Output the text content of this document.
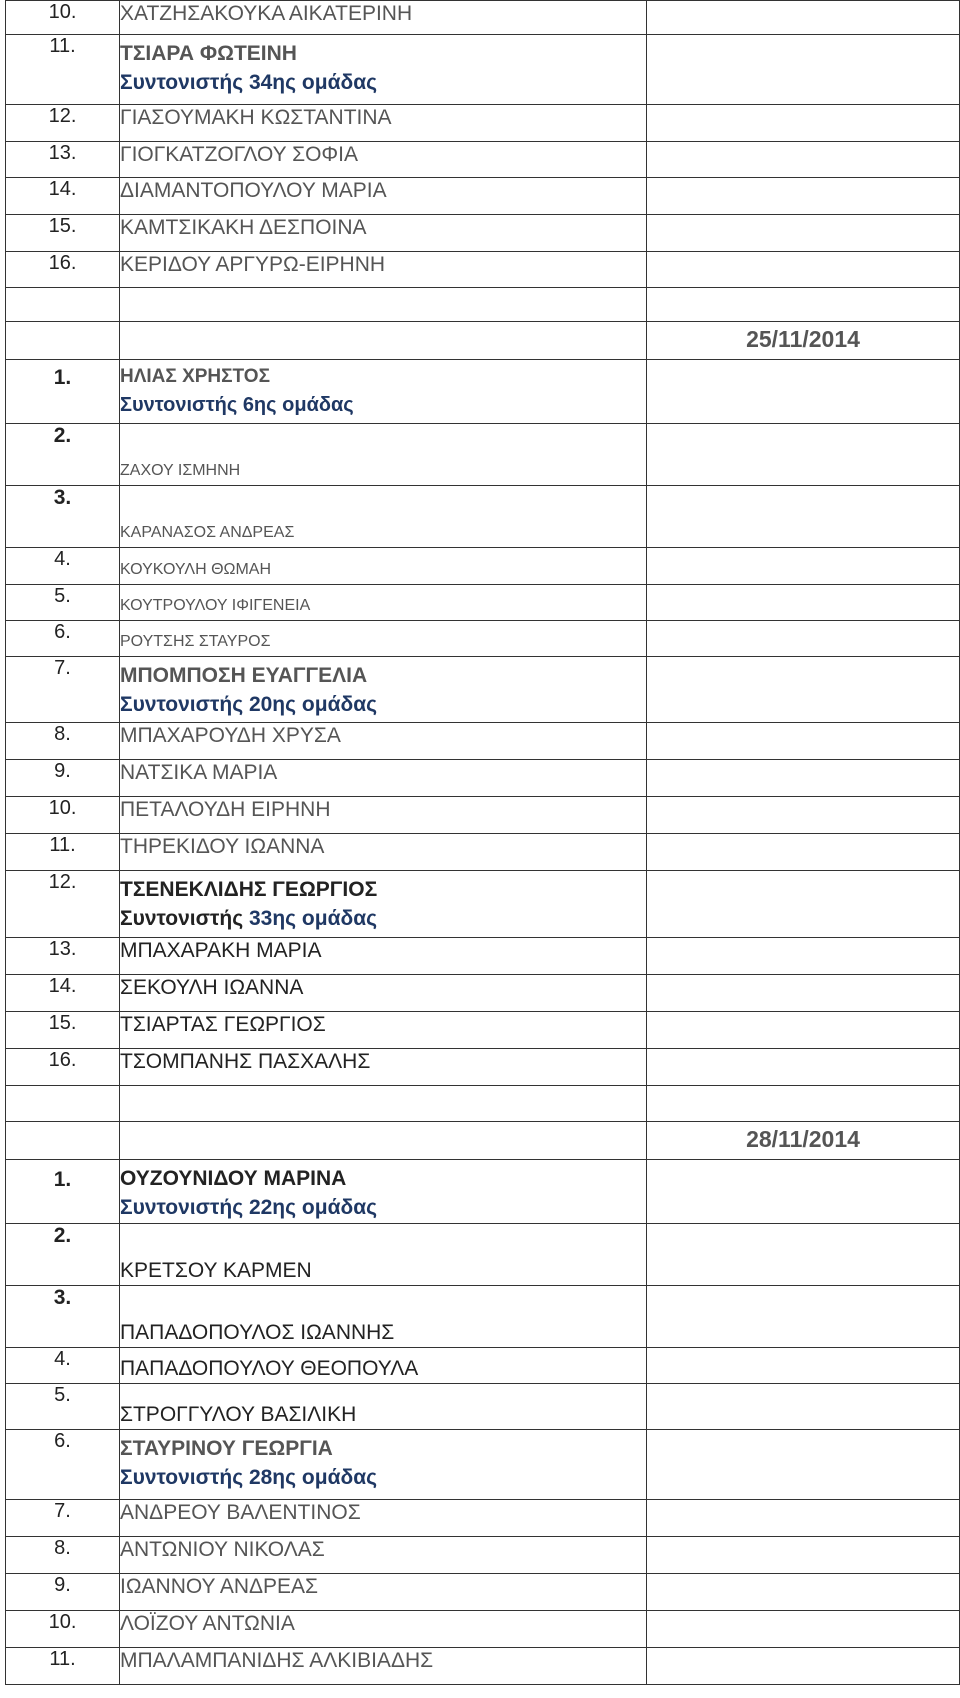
10.	ΧΑΤΖΗΣΑΚΟΥΚΑ ΑΙΚΑΤΕΡΙΝΗ	

11.	ΤΣΙΑΡΑ ΦΩΤΕΙΝΗ
Συντονιστής 34ης ομάδας	

12.	ΓΙΑΣΟΥΜΑΚΗ ΚΩΣΤΑΝΤΙΝΑ	

13.	ΓΙΟΓΚΑΤΖΟΓΛΟΥ ΣΟΦΙΑ	

14.	ΔΙΑΜΑΝΤΟΠΟΥΛΟΥ ΜΑΡΙΑ	

15.	ΚΑΜΤΣΙΚΑΚΗ ΔΕΣΠΟΙΝΑ	

16.	ΚΕΡΙΔΟΥ ΑΡΓΥΡΩ-ΕΙΡΗΝΗ	

		25/11/2014
1.	ΗΛΙΑΣ ΧΡΗΣΤΟΣ
Συντονιστής 6ης ομάδας	

2.	ΖΑΧΟΥ ΙΣΜΗΝΗ	

3.	ΚΑΡΑΝΑΣΟΣ ΑΝΔΡΕΑΣ	

4.	ΚΟΥΚΟΥΛΗ ΘΩΜΑΗ	

5.	ΚΟΥΤΡΟΥΛΟΥ ΙΦΙΓΕΝΕΙΑ	

6.	ΡΟΥΤΣΗΣ ΣΤΑΥΡΟΣ	

7.	ΜΠΟΜΠΟΣΗ ΕΥΑΓΓΕΛΙΑ
Συντονιστής 20ης ομάδας	

8.	ΜΠΑΧΑΡΟΥΔΗ ΧΡΥΣΑ	

9.	ΝΑΤΣΙΚΑ ΜΑΡΙΑ	

10.	ΠΕΤΑΛΟΥΔΗ ΕΙΡΗΝΗ	

11.	ΤΗΡΕΚΙΔΟΥ ΙΩΑΝΝΑ	

12.	ΤΣΕΝΕΚΛΙΔΗΣ ΓΕΩΡΓΙΟΣ
Συντονιστής 33ης ομάδας	

13.	ΜΠΑΧΑΡΑΚΗ ΜΑΡΙΑ	

14.	ΣΕΚΟΥΛΗ ΙΩΑΝΝΑ	

15.	ΤΣΙΑΡΤΑΣ ΓΕΩΡΓΙΟΣ	

16.	ΤΣΟΜΠΑΝΗΣ ΠΑΣΧΑΛΗΣ	

		28/11/2014
1.	ΟΥΖΟΥΝΙΔΟΥ ΜΑΡΙΝΑ
Συντονιστής 22ης ομάδας	

2.	ΚΡΕΤΣΟΥ ΚΑΡΜΕΝ	

3.	ΠΑΠΑΔΟΠΟΥΛΟΣ ΙΩΑΝΝΗΣ	

4.	ΠΑΠΑΔΟΠΟΥΛΟΥ ΘΕΟΠΟΥΛΑ	

5.	ΣΤΡΟΓΓΥΛΟΥ ΒΑΣΙΛΙΚΗ	

6.	ΣΤΑΥΡΙΝΟΥ ΓΕΩΡΓΙΑ
Συντονιστής 28ης ομάδας	

7.	ΑΝΔΡΕΟΥ ΒΑΛΕΝΤΙΝΟΣ	

8.	ΑΝΤΩΝΙΟΥ ΝΙΚΟΛΑΣ	

9.	ΙΩΑΝΝΟΥ ΑΝΔΡΕΑΣ	

10.	ΛΟΪΖΟΥ ΑΝΤΩΝΙΑ	

11.	ΜΠΑΛΑΜΠΑΝΙΔΗΣ ΑΛΚΙΒΙΑΔΗΣ	
